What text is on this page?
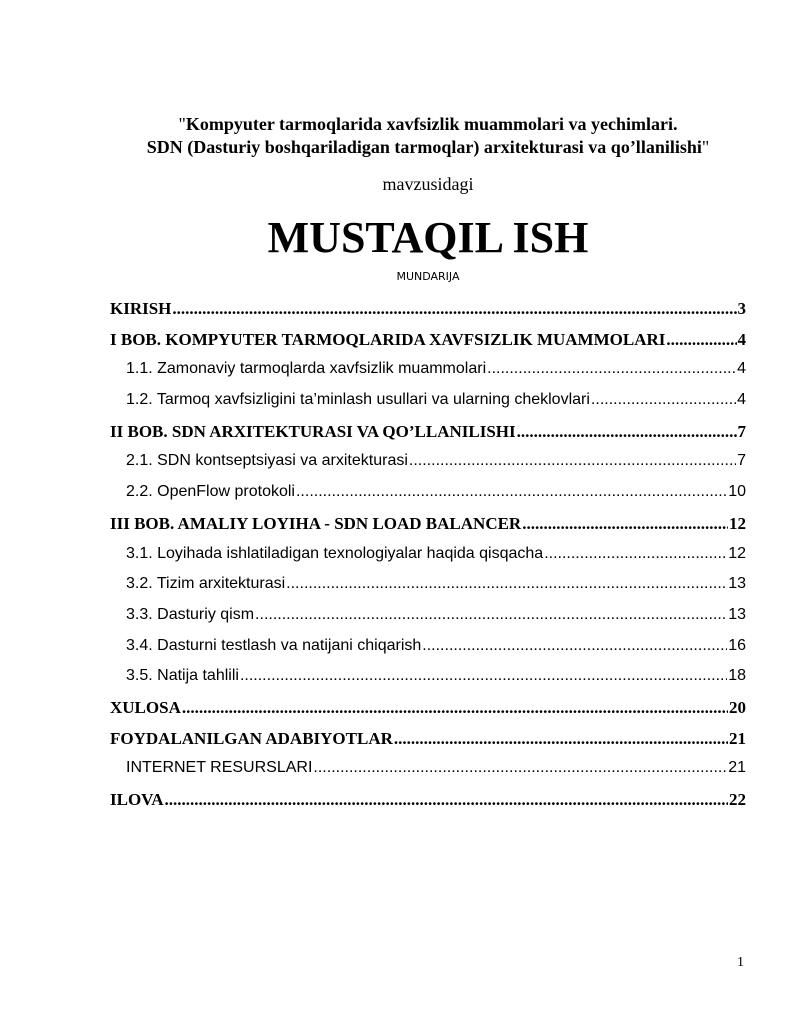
"Kompyuter tarmoqlarida xavfsizlik muammolari va yechimlari.
SDN (Dasturiy boshqariladigan tarmoqlar) arxitekturasi va qo’llanilishi"
mavzusidagi
MUSTAQIL ISH
MUNDARIJA
KIRISH .....	3
I BOB. KOMPYUTER TARMOQLARIDA XAVFSIZLIK MUAMMOLARI .....	4
1.1. Zamonaviy tarmoqlarda xavfsizlik muammolari .....	4
1.2. Tarmoq xavfsizligini ta’minlash usullari va ularning cheklovlari .....	4
II BOB. SDN ARXITEKTURASI VA QO’LLANILISHI .....	7
2.1. SDN kontseptsiyasi va arxitekturasi .....	7
2.2. OpenFlow protokoli .....	10
III BOB. AMALIY LOYIHA - SDN LOAD BALANCER .....	12
3.1. Loyihada ishlatiladigan texnologiyalar haqida qisqacha .....	12
3.2. Tizim arxitekturasi .....	13
3.3. Dasturiy qism .....	13
3.4. Dasturni testlash va natijani chiqarish .....	16
3.5. Natija tahlili .....	18
XULOSA .....	20
FOYDALANILGAN ADABIYOTLAR .....	21
INTERNET RESURSLARI .....	21
ILOVA .....	22
1
